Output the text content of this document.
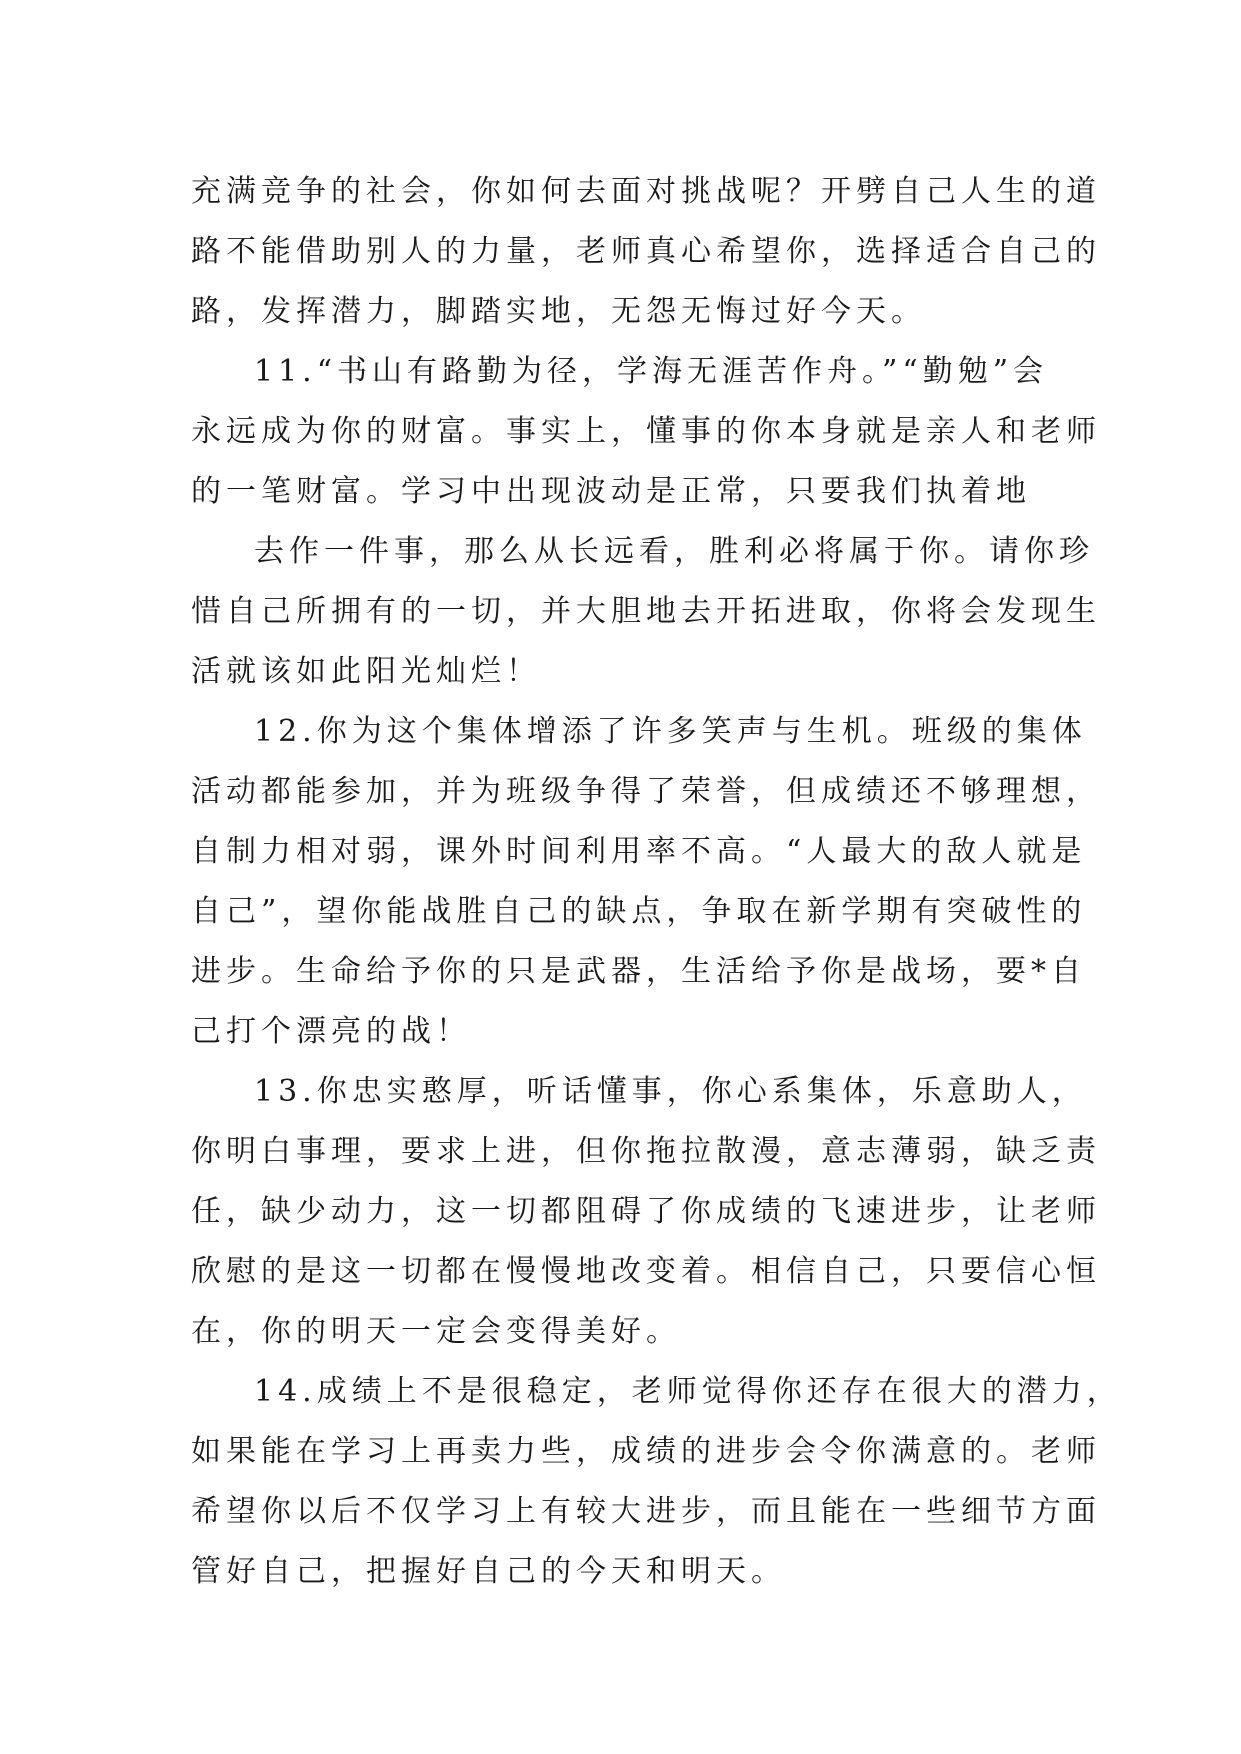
充满竞争的社会，你如何去面对挑战呢？开劈自己人生的道
路不能借助别人的力量，老师真心希望你，选择适合自己的
路，发挥潜力，脚踏实地，无怨无悔过好今天。
11.“书山有路勤为径，学海无涯苦作舟。”“勤勉”会
永远成为你的财富。事实上，懂事的你本身就是亲人和老师
的一笔财富。学习中出现波动是正常，只要我们执着地
去作一件事，那么从长远看，胜利必将属于你。请你珍
惜自己所拥有的一切，并大胆地去开拓进取，你将会发现生
活就该如此阳光灿烂！
12.你为这个集体增添了许多笑声与生机。班级的集体
活动都能参加，并为班级争得了荣誉，但成绩还不够理想，
自制力相对弱，课外时间利用率不高。“人最大的敌人就是
自己”，望你能战胜自己的缺点，争取在新学期有突破性的
进步。生命给予你的只是武器，生活给予你是战场，要*自
己打个漂亮的战！
13.你忠实憨厚，听话懂事，你心系集体，乐意助人，
你明白事理，要求上进，但你拖拉散漫，意志薄弱，缺乏责
任，缺少动力，这一切都阻碍了你成绩的飞速进步，让老师
欣慰的是这一切都在慢慢地改变着。相信自己，只要信心恒
在，你的明天一定会变得美好。
14.成绩上不是很稳定，老师觉得你还存在很大的潜力，
如果能在学习上再卖力些，成绩的进步会令你满意的。老师
希望你以后不仅学习上有较大进步，而且能在一些细节方面
管好自己，把握好自己的今天和明天。
